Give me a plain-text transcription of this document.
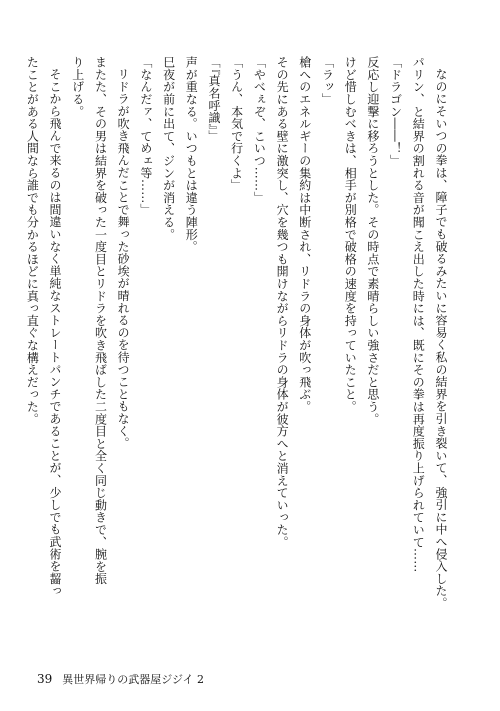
なのにそいつの拳は、障子でも破るみたいに容易く私の結界を引き裂いて、強引に中へ侵入した。
パリン、と結界の割れる音が聞こえ出した時には、既にその拳は再度振り上げられていて……
「ドラゴン――！」
反応し迎撃に移ろうとした。その時点で素晴らしい強さだと思う。
けど惜しむべきは、相手が別格で破格の速度を持っていたこと。
「ラッ」
槍へのエネルギーの集約は中断され、リドラの身体が吹っ飛ぶ。
その先にある壁に激突し、穴を幾つも開けながらリドラの身体が彼方へと消えていった。
「やべぇぞ、こいつ……」
「うん、本気で行くよ」
「『真名呼識』」
声が重なる。いつもとは違う陣形。
巳夜が前に出て、ジンが消える。
「なんだァ、てめェ等……」
リドラが吹き飛んだことで舞った砂埃が晴れるのを待つこともなく。
またた、その男は結界を破った一度目とリドラを吹き飛ばした二度目と全く同じ動きで、腕を振
り上げる。
そこから飛んで来るのは間違いなく単純なストレートパンチであることが、少しでも武術を齧っ
たことがある人間なら誰でも分かるほどに真っ直ぐな構えだった。
39 異世界帰りの武器屋ジジイ 2
